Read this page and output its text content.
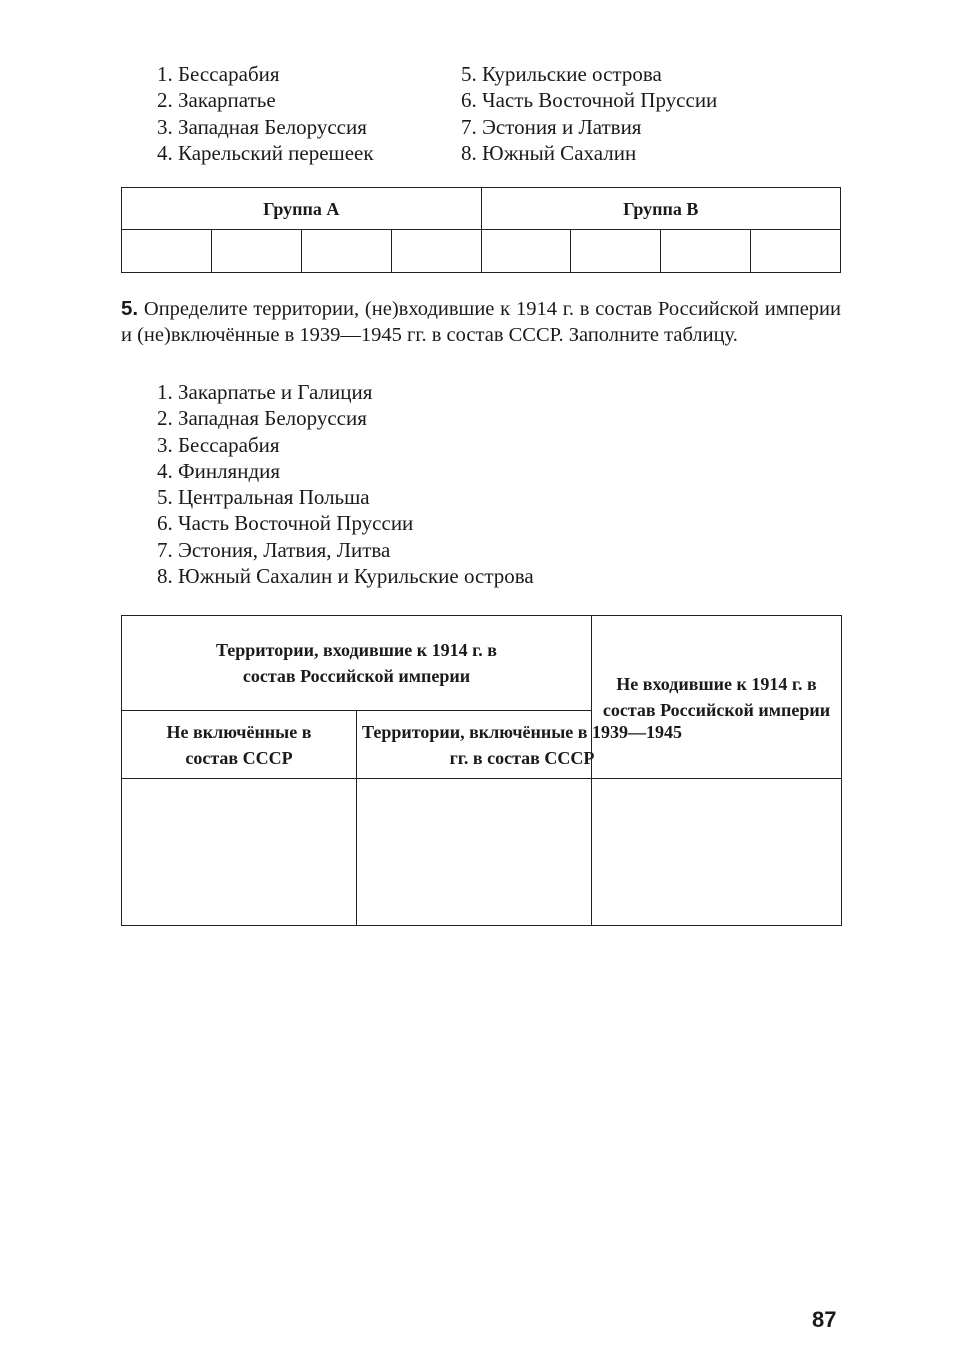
1. Бессарабия
2. Закарпатье
3. Западная Белоруссия
4. Карельский перешеек
5. Курильские острова
6. Часть Восточной Пруссии
7. Эстония и Латвия
8. Южный Сахалин
Группа А				Группа В			

5. Определите территории, (не)входившие к 1914 г. в состав Российской империи и (не)включённые в 1939—1945 гг. в состав СССР. Заполните таблицу.

1. Закарпатье и Галиция
2. Западная Белоруссия
3. Бессарабия
4. Финляндия
5. Центральная Польша
6. Часть Восточной Пруссии
7. Эстония, Латвия, Литва
8. Южный Сахалин и Курильские острова
Территории, входившие к 1914 г. в состав Российской империи		Не входившие к 1914 г. в состав Российской империи

Не включённые в состав СССР	Территории, включённые в 1939—1945 гг. в состав СССР	

87
